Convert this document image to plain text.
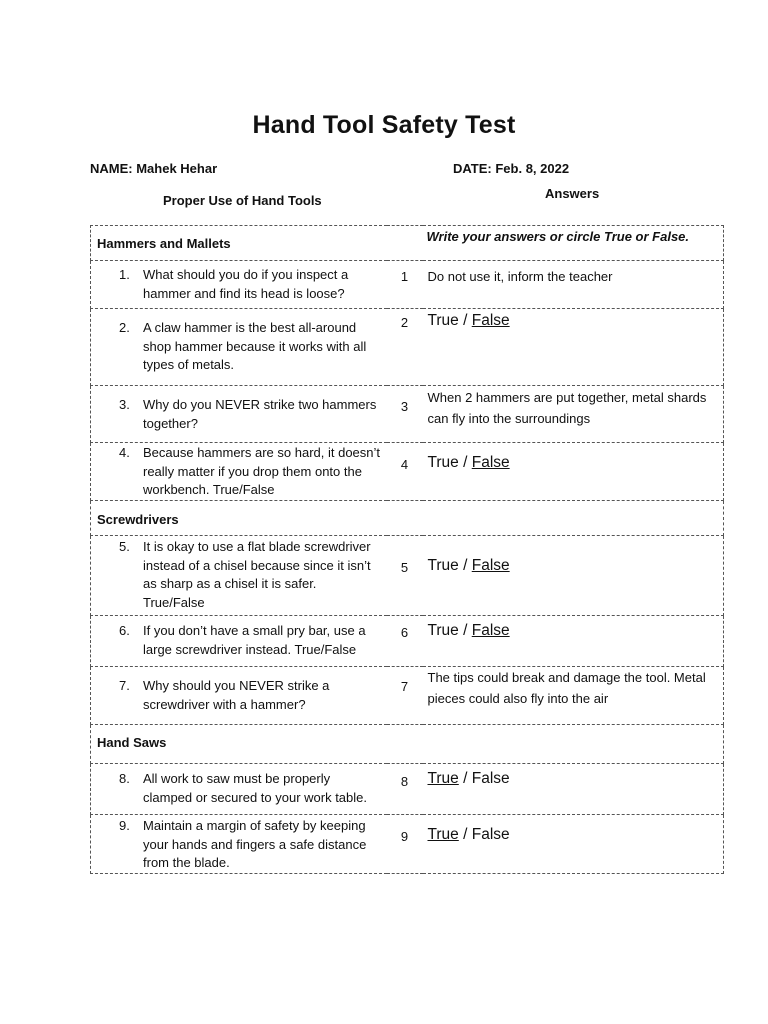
Hand Tool Safety Test
NAME: Mahek Hehar	DATE: Feb. 8, 2022
Proper Use of Hand Tools	Answers
Hammers and Mallets		Write your answers or circle True or False.

1. What should you do if you inspect a hammer and find its head is loose?	1	Do not use it, inform the teacher

2. A claw hammer is the best all-around shop hammer because it works with all types of metals.	2	True / False

3. Why do you NEVER strike two hammers together?	3	When 2 hammers are put together, metal shards can fly into the surroundings

4. Because hammers are so hard, it doesn’t really matter if you drop them onto the workbench. True/False	4	True / False

Screwdrivers		

5. It is okay to use a flat blade screwdriver instead of a chisel because since it isn’t as sharp as a chisel it is safer. True/False	5	True / False

6. If you don’t have a small pry bar, use a large screwdriver instead. True/False	6	True / False

7. Why should you NEVER strike a screwdriver with a hammer?	7	The tips could break and damage the tool. Metal pieces could also fly into the air

Hand Saws		

8. All work to saw must be properly clamped or secured to your work table.	8	True / False

9. Maintain a margin of safety by keeping your hands and fingers a safe distance from the blade.	9	True / False
